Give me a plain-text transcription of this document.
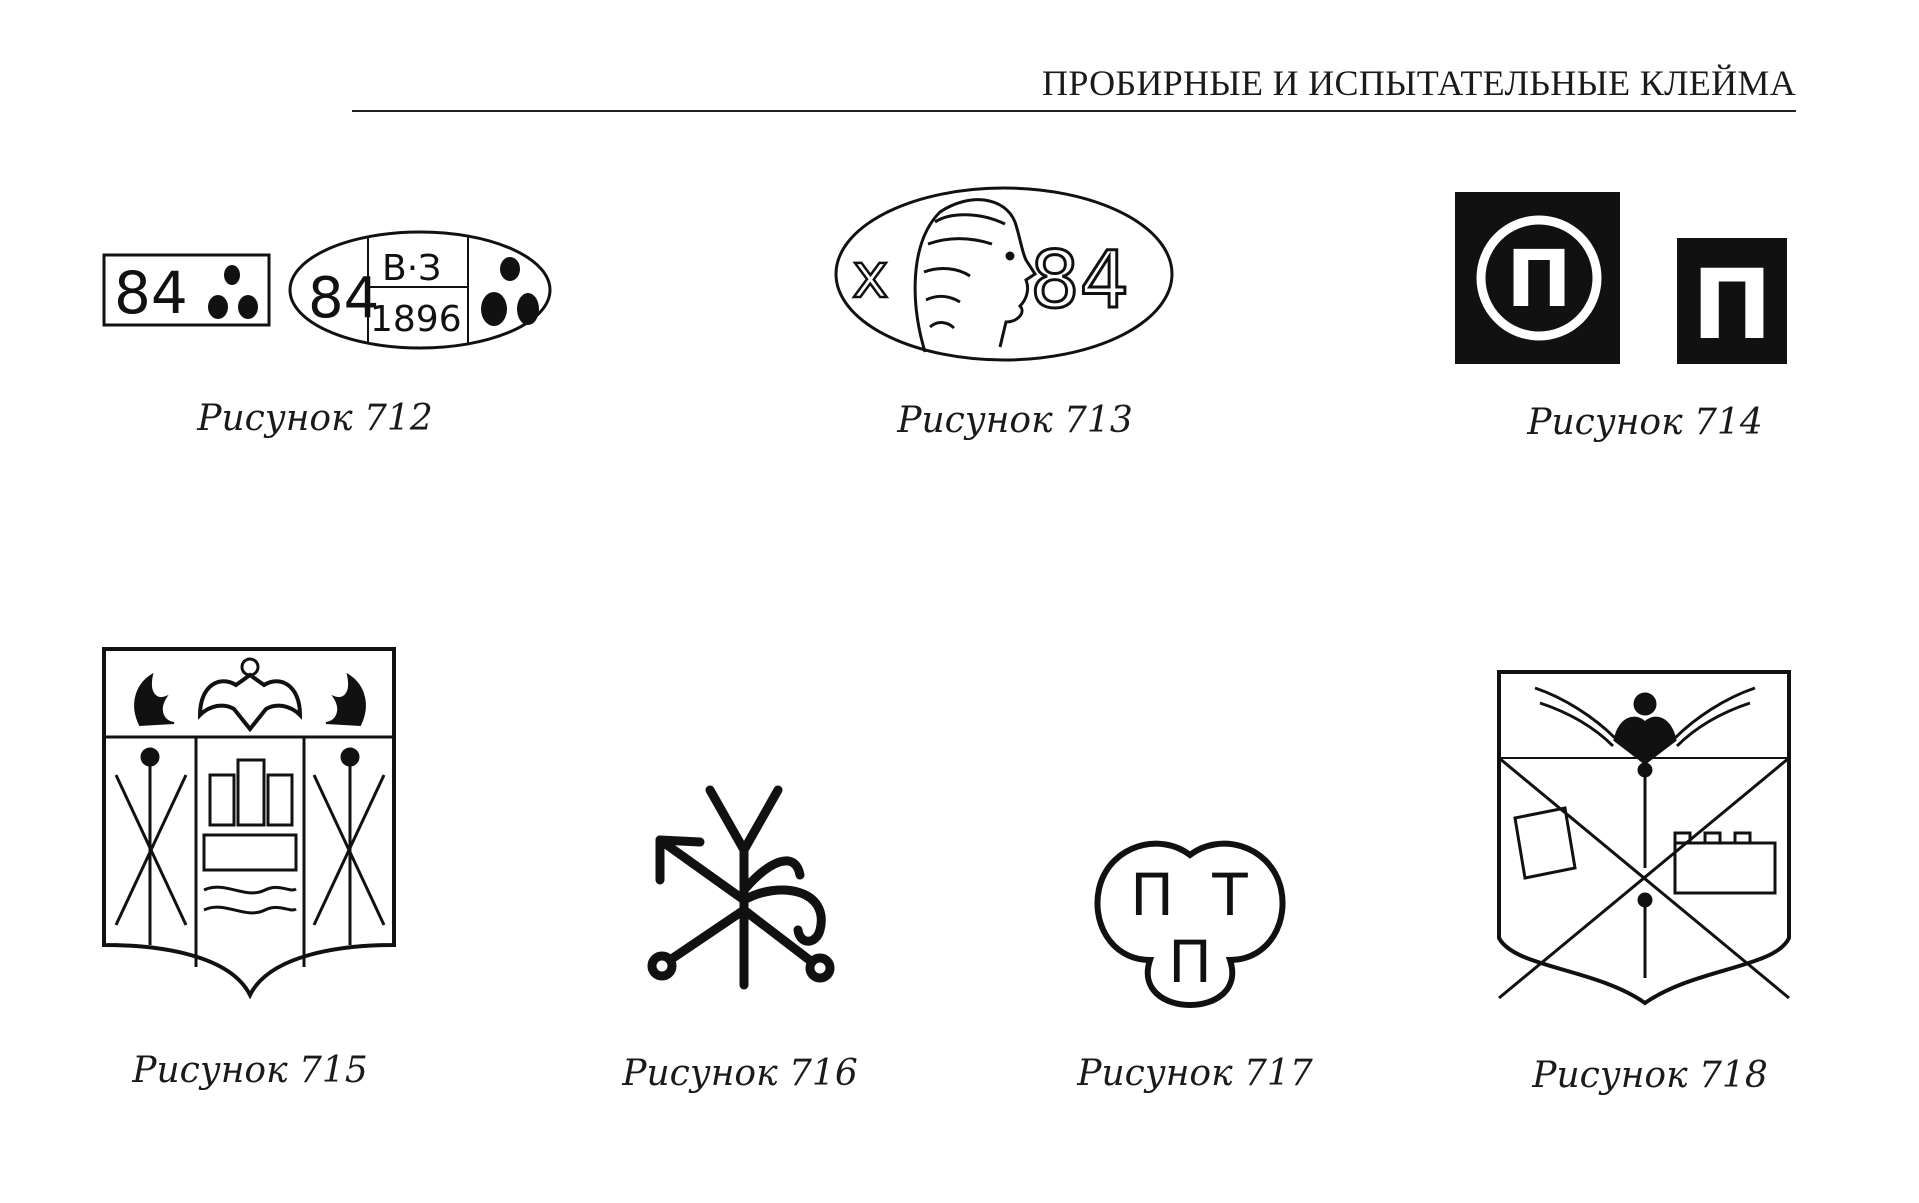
ПРОБИРНЫЕ И ИСПЫТАТЕЛЬНЫЕ КЛЕЙМА
84 84 В·З
1896
Рисунок 712
х 84
Рисунок 713
П П
Рисунок 714
Рисунок 715	Рисунок 716
П Т
П
Рисунок 717	Рисунок 718
